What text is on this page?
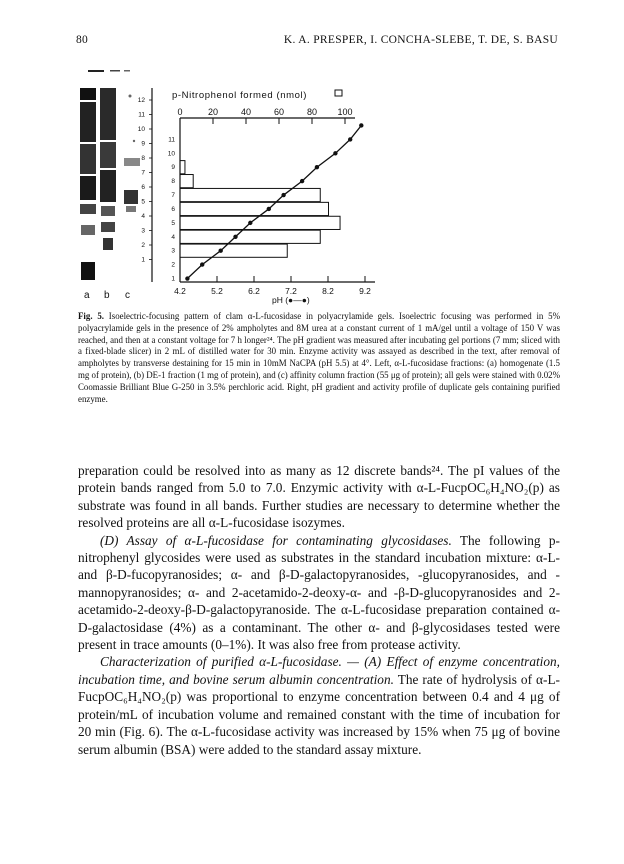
80	K. A. PRESPER, I. CONCHA-SLEBE, T. DE, S. BASU
a b c
p-Nitrophenol formed (nmol)
0	20	40	60	80 100
4.2	5.2	6.2	7.2	8.2	9.2
12
11
10
9
8
7
6
5
4
3
2
1
11
10
9
8
7
6
5
4
3
2
1
pH (●—●)
Fig. 5. Isoelectric-focusing pattern of clam α-L-fucosidase in polyacrylamide gels. Isoelectric focusing was performed in 5% polyacrylamide gels in the presence of 2% ampholytes and 8M urea at a constant current of 1 mA/gel until a voltage of 150 V was reached, and then at a constant voltage for 7 h longer²⁴. The pH gradient was measured after incubating gel portions (7 mm; sliced with a fixed-blade slicer) in 2 mL of distilled water for 30 min. Enzyme activity was assayed as described in the text, after removal of ampholytes by transverse destaining for 15 min in 10mM NaCPA (pH 5.5) at 4°. Left, α-L-fucosidase fractions: (a) homogenate (1.5 mg of protein), (b) DE-1 fraction (1 mg of protein), and (c) affinity column fraction (55 μg of protein); all gels were stained with 0.02% Coomassie Brilliant Blue G-250 in 3.5% perchloric acid. Right, pH gradient and activity profile of duplicate gels containing purified enzyme.

preparation could be resolved into as many as 12 discrete bands²⁴. The pI values of the protein bands ranged from 5.0 to 7.0. Enzymic activity with α-L-FucpOC₆H₄NO₂(p) as substrate was found in all bands. Further studies are necessary to determine whether the resolved proteins are all α-L-fucosidase isozymes.

(D) Assay of α-L-fucosidase for contaminating glycosidases. The following p-nitrophenyl glycosides were used as substrates in the standard incubation mixture: α-L- and β-D-fucopyranosides; α- and β-D-galactopyranosides, -glucopyranosides, and -mannopyranosides; α- and 2-acetamido-2-deoxy-α- and -β-D-glucopyranosides and 2-acetamido-2-deoxy-β-D-galactopyranoside. The α-L-fucosidase preparation contained α-D-galactosidase (4%) as a contaminant. The other α- and β-glycosidases tested were present in trace amounts (0–1%). It was also free from protease activity.

Characterization of purified α-L-fucosidase. — (A) Effect of enzyme concentration, incubation time, and bovine serum albumin concentration. The rate of hydrolysis of α-L-FucpOC₆H₄NO₂(p) was proportional to enzyme concentration between 0.4 and 4 μg of protein/mL of incubation volume and remained constant with the time of incubation for 20 min (Fig. 6). The α-L-fucosidase activity was increased by 15% when 75 μg of bovine serum albumin (BSA) were added to the standard assay mixture.
